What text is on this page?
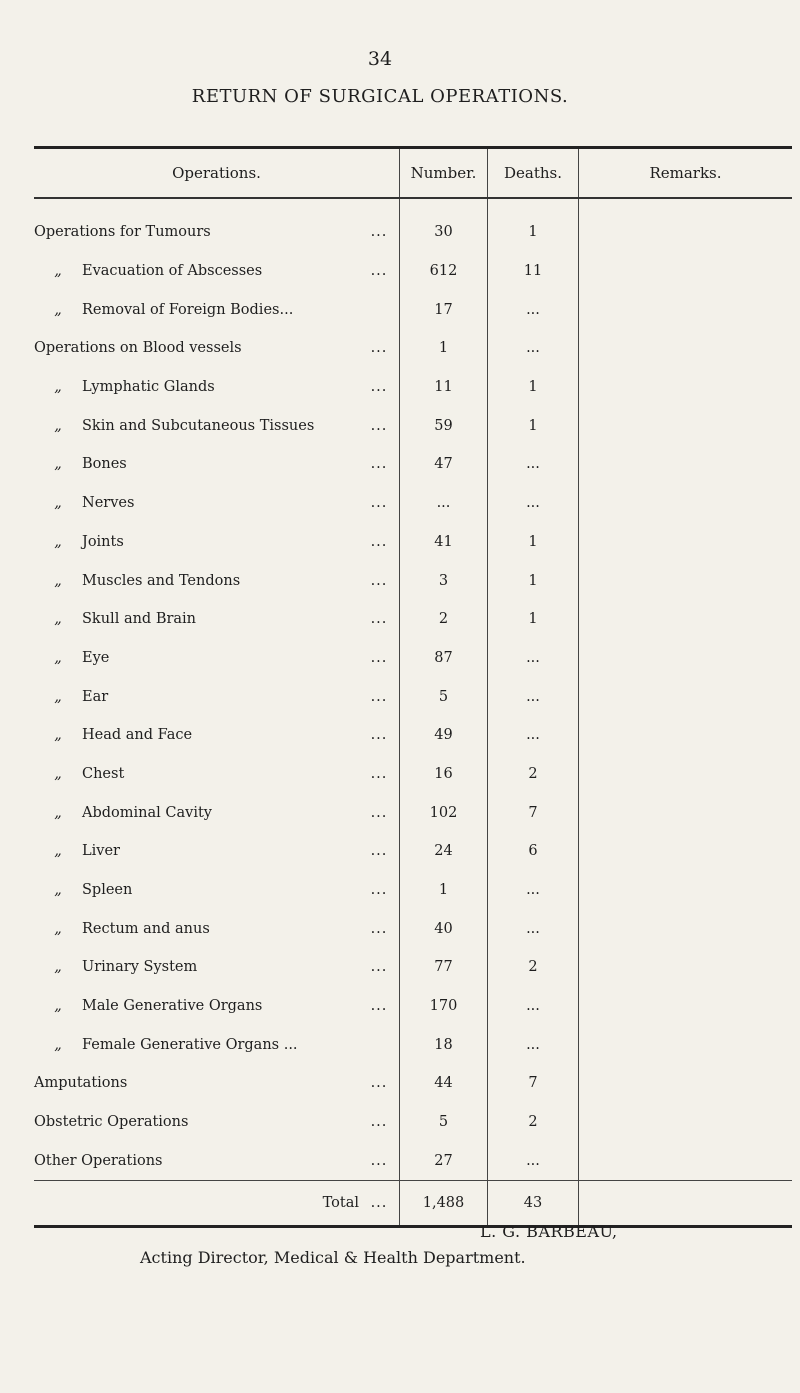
34
RETURN OF SURGICAL OPERATIONS.
Operations.	Number.	Deaths.	Remarks.

Operations for Tumours ...	30	1	

„ Evacuation of Abscesses ...	612	11	

„ Removal of Foreign Bodies...	17	...	

Operations on Blood vessels ...	1	...	

„ Lymphatic Glands ...	11	1	

„ Skin and Subcutaneous Tissues ...	59	1	

„ Bones ...	47	...	

„ Nerves ...	...	...	

„ Joints ...	41	1	

„ Muscles and Tendons ...	3	1	

„ Skull and Brain ...	2	1	

„ Eye ...	87	...	

„ Ear ...	5	...	

„ Head and Face ...	49	...	

„ Chest ...	16	2	

„ Abdominal Cavity ...	102	7	

„ Liver ...	24	6	

„ Spleen ...	1	...	

„ Rectum and anus ...	40	...	

„ Urinary System ...	77	2	

„ Male Generative Organs ...	170	...	

„ Female Generative Organs ...	18	...	

Amputations ...	44	7	

Obstetric Operations ...	5	2	

Other Operations ...	27	...	

Total ...	1,488	43	
L. G. BARBEAU,
Acting Director, Medical & Health Department.
